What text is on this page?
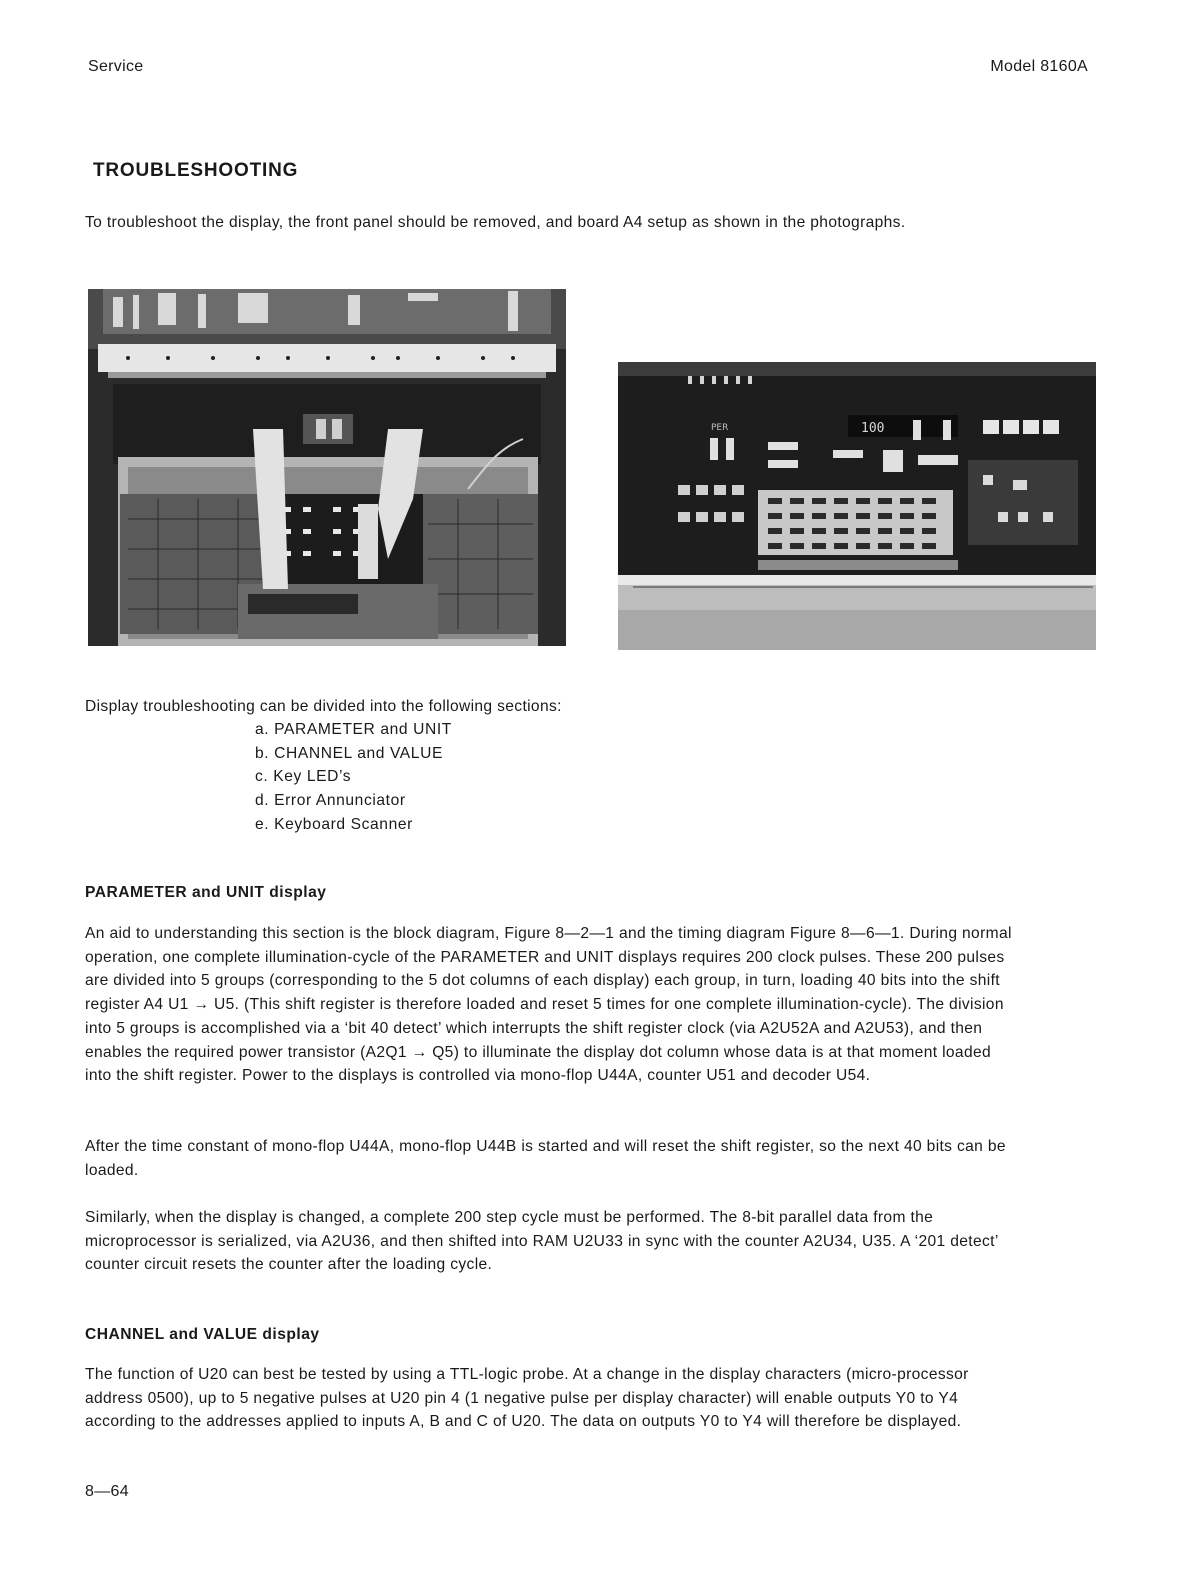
Service	Model 8160A
TROUBLESHOOTING

To troubleshoot the display, the front panel should be removed, and board A4 setup as shown in the photographs.

100
PER

Display troubleshooting can be divided into the following sections:

a. PARAMETER and UNIT
b. CHANNEL and VALUE
c. Key LED’s
d. Error Annunciator
e. Keyboard Scanner
PARAMETER and UNIT display

An aid to understanding this section is the block diagram, Figure 8—2—1 and the timing diagram Figure 8—6—1. During normal operation, one complete illumination-cycle of the PARAMETER and UNIT displays requires 200 clock pulses. These 200 pulses are divided into 5 groups (corresponding to the 5 dot columns of each display) each group, in turn, loading 40 bits into the shift register A4 U1 → U5. (This shift register is therefore loaded and reset 5 times for one complete illumination-cycle). The division into 5 groups is accomplished via a ‘bit 40 detect’ which interrupts the shift register clock (via A2U52A and A2U53), and then enables the required power transistor (A2Q1 → Q5) to illuminate the display dot column whose data is at that moment loaded into the shift register. Power to the displays is controlled via mono-flop U44A, counter U51 and decoder U54.

After the time constant of mono-flop U44A, mono-flop U44B is started and will reset the shift register, so the next 40 bits can be loaded.

Similarly, when the display is changed, a complete 200 step cycle must be performed. The 8-bit parallel data from the microprocessor is serialized, via A2U36, and then shifted into RAM U2U33 in sync with the counter A2U34, U35. A ‘201 detect’ counter circuit resets the counter after the loading cycle.

CHANNEL and VALUE display

The function of U20 can best be tested by using a TTL-logic probe. At a change in the display characters (micro-processor address 0500), up to 5 negative pulses at U20 pin 4 (1 negative pulse per display character) will enable outputs Y0 to Y4 according to the addresses applied to inputs A, B and C of U20. The data on outputs Y0 to Y4 will therefore be displayed.

8—64
